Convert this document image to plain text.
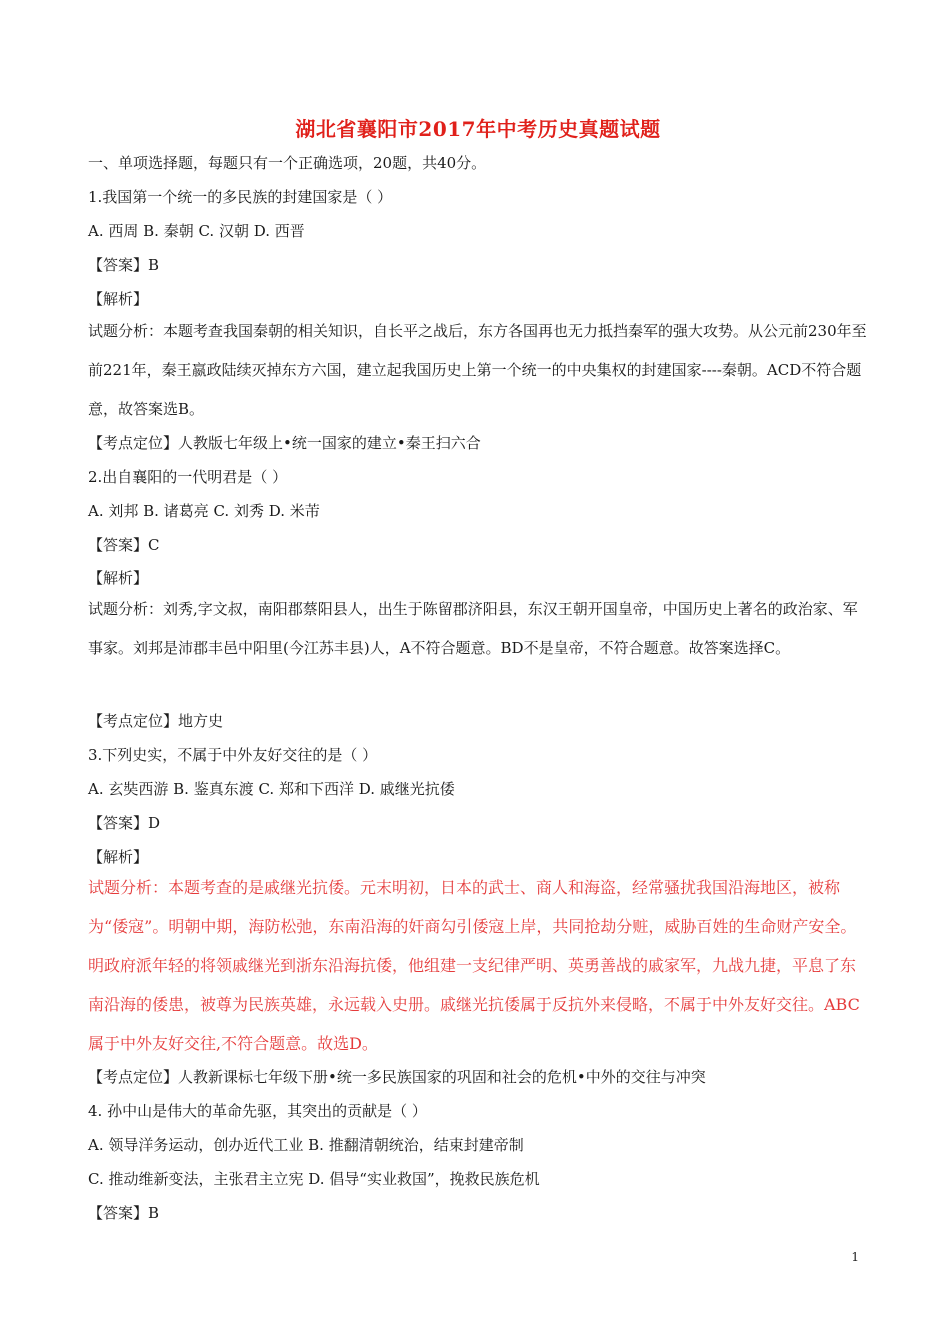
湖北省襄阳市2017年中考历史真题试题
一、单项选择题，每题只有一个正确选项，20题，共40分。
1.我国第一个统一的多民族的封建国家是（ ）
A. 西周 B. 秦朝 C. 汉朝 D. 西晋
【答案】B
【解析】
试题分析：本题考查我国秦朝的相关知识，自长平之战后，东方各国再也无力抵挡秦军的强大攻势。从公元前230年至前221年，秦王嬴政陆续灭掉东方六国，建立起我国历史上第一个统一的中央集权的封建国家----秦朝。ACD不符合题意，故答案选B。
【考点定位】人教版七年级上•统一国家的建立•秦王扫六合
2.出自襄阳的一代明君是（ ）
A. 刘邦 B. 诸葛亮 C. 刘秀 D. 米芾
【答案】C
【解析】
试题分析：刘秀,字文叔，南阳郡蔡阳县人，出生于陈留郡济阳县，东汉王朝开国皇帝，中国历史上著名的政治家、军事家。刘邦是沛郡丰邑中阳里(今江苏丰县)人，A不符合题意。BD不是皇帝，不符合题意。故答案选择C。
【考点定位】地方史
3.下列史实，不属于中外友好交往的是（ ）
A. 玄奘西游 B. 鉴真东渡 C. 郑和下西洋 D. 戚继光抗倭
【答案】D
【解析】
试题分析：本题考查的是戚继光抗倭。元末明初，日本的武士、商人和海盗，经常骚扰我国沿海地区，被称为“倭寇”。明朝中期，海防松弛，东南沿海的奸商勾引倭寇上岸，共同抢劫分赃，威胁百姓的生命财产安全。明政府派年轻的将领戚继光到浙东沿海抗倭，他组建一支纪律严明、英勇善战的戚家军，九战九捷，平息了东南沿海的倭患，被尊为民族英雄，永远载入史册。戚继光抗倭属于反抗外来侵略，不属于中外友好交往。ABC属于中外友好交往,不符合题意。故选D。
【考点定位】人教新课标七年级下册•统一多民族国家的巩固和社会的危机•中外的交往与冲突
4. 孙中山是伟大的革命先驱，其突出的贡献是（ ）
A. 领导洋务运动，创办近代工业 B. 推翻清朝统治，结束封建帝制
C. 推动维新变法，主张君主立宪 D. 倡导“实业救国”，挽救民族危机
【答案】B
1
